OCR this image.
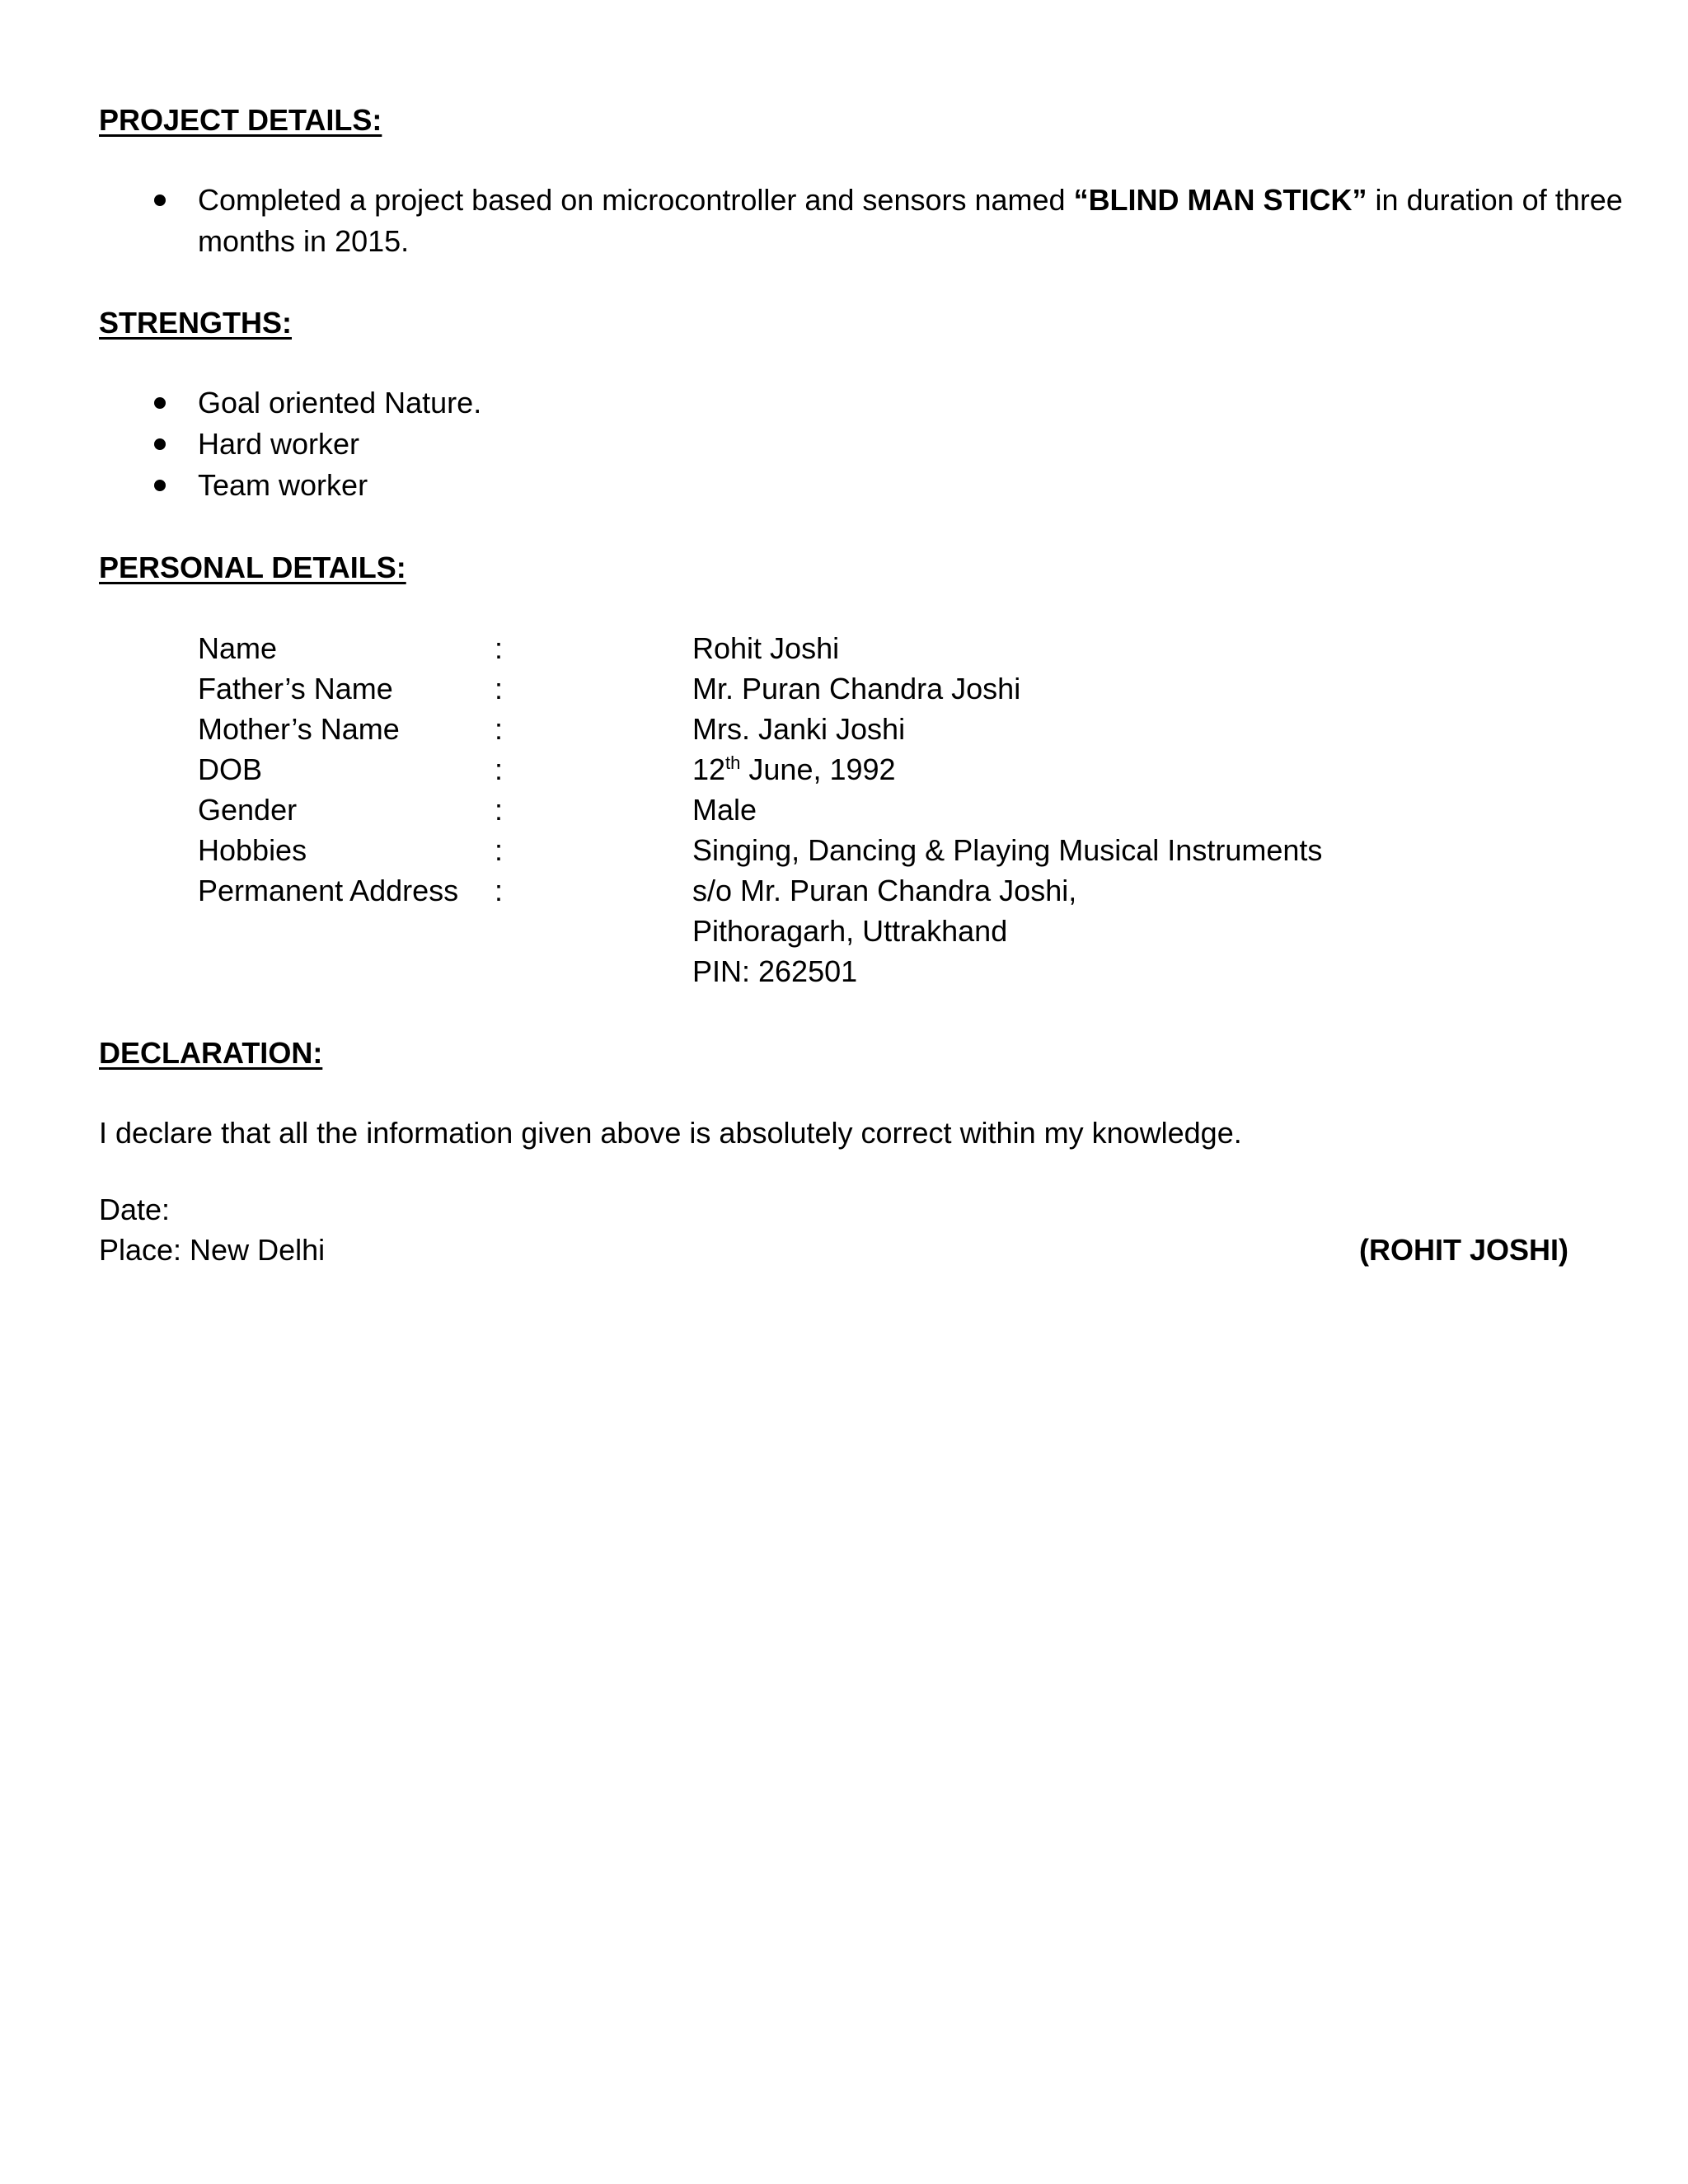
PROJECT DETAILS:
Completed a project based on microcontroller and sensors named “BLIND MAN STICK” in duration of three months in 2015.
STRENGTHS:
Goal oriented Nature.
Hard worker
Team worker
PERSONAL DETAILS:
Name	:	Rohit Joshi
Father’s Name	:	Mr. Puran Chandra Joshi
Mother’s Name	:	Mrs. Janki Joshi
DOB	:	12th June, 1992
Gender	:	Male
Hobbies	:	Singing, Dancing & Playing Musical Instruments
Permanent Address	:	s/o Mr. Puran Chandra Joshi,
Pithoragarh, Uttrakhand
PIN: 262501
DECLARATION:
I declare that all the information given above is absolutely correct within my knowledge.
Date:
Place: New Delhi	(ROHIT JOSHI)
